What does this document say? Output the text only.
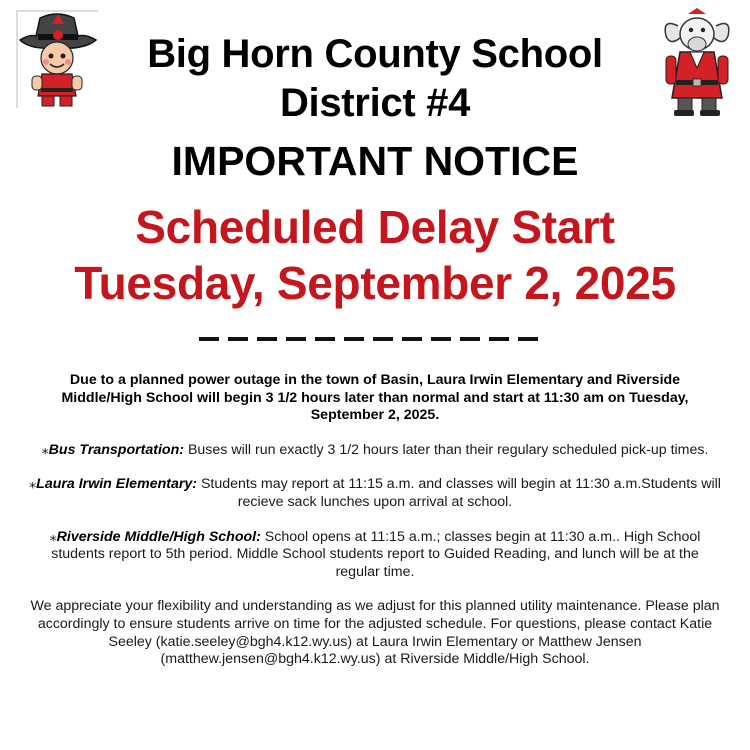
Big Horn County School
District #4
IMPORTANT NOTICE
Scheduled Delay Start
Tuesday, September 2, 2025

Due to a planned power outage in the town of Basin, Laura Irwin Elementary and Riverside Middle/High School will begin 3 1/2 hours later than normal and start at 11:30 am on Tuesday, September 2, 2025.

⁎Bus Transportation: Buses will run exactly 3 1/2 hours later than their regulary scheduled pick-up times.

⁎Laura Irwin Elementary: Students may report at 11:15 a.m. and classes will begin at 11:30 a.m.Students will recieve sack lunches upon arrival at school.

⁎Riverside Middle/High School: School opens at 11:15 a.m.; classes begin at 11:30 a.m.. High School students report to 5th period. Middle School students report to Guided Reading, and lunch will be at the regular time.

We appreciate your flexibility and understanding as we adjust for this planned utility maintenance. Please plan accordingly to ensure students arrive on time for the adjusted schedule. For questions, please contact Katie Seeley (katie.seeley@bgh4.k12.wy.us) at Laura Irwin Elementary or Matthew Jensen (matthew.jensen@bgh4.k12.wy.us) at Riverside Middle/High School.
